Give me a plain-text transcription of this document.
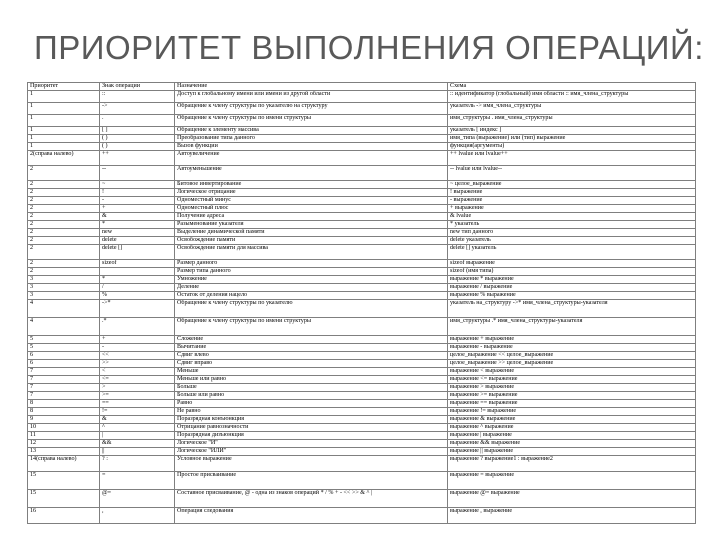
ПРИОРИТЕТ ВЫПОЛНЕНИЯ ОПЕРАЦИЙ:
Приоритет	Знак операции	Назначение	Схема
1	::	Доступ к глобальному имени или имени из другой области	:: идентификатор (глобальный) имя области :: имя_члена_структуры
1	->	Обращение к члену структуры по указателю на структуру	указатель -> имя_члена_структуры
1	.	Обращение к члену структуры по имени структуры	имя_структуры . имя_члена_структуры
1	[ ]	Обращение к элементу массива	указатель [ индекс ]
1	( )	Преобразование типа данного	имя_типа (выражение) или (тип) выражение
1	( )	Вызов функции	функция(аргументы)
2(справа налево)	++	Автоувеличение	++ lvalue или lvalue++
2	--	Автоуменьшение	-- lvalue или lvalue--
2	~	Битовое инвертирование	~ целое_выражение
2	!	Логическое отрицание	! выражение
2	-	Одноместный минус	- выражение
2	+	Одноместный плюс	+ выражение
2	&	Получение адреса	& lvalue
2	*	Разыменование указателя	* указатель
2	new	Выделение динамической памяти	new тип данного
2	delete	Освобождение памяти	delete указатель
2	delete []	Освобождение памяти для массива	delete [] указатель
2	sizeof	Размер данного	sizeof выражение
2		Размер типа данного	sizeof (имя типа)
3	*	Умножение	выражение * выражение
3	/	Деление	выражение / выражение
3	%	Остаток от деления нацело	выражение % выражение
4	->*	Обращение к члену структуры по указателю	указатель на_структуру ->* имя_члена_структуры-указателя
4	.*	Обращение к члену структуры по имени структуры	имя_структуры .* имя_члена_структуры-указателя
5	+	Сложение	выражение + выражение
5	-	Вычитание	выражение - выражение
6	<<	Сдвиг влево	целое_выражение << целое_выражение
6	>>	Сдвиг вправо	целое_выражение >> целое_выражение
7	<	Меньше	выражение < выражение
7	<=	Меньше или равно	выражение <= выражение
7	>	Больше	выражение > выражение
7	>=	Больше или равно	выражение >= выражение
8	==	Равно	выражение == выражение
8	!=	Не равно	выражение != выражение
9	&	Поразрядная конъюнкция	выражение & выражение
10	^	Отрицание равнозначности	выражение ^ выражение
11	|	Поразрядная дизъюнкция	выражение | выражение
12	&&	Логическое "И"	выражение && выражение
13	||	Логическое "ИЛИ"	выражение || выражение
14(справа налево)	? :	Условное выражение	выражение ? выражение1 : выражение2
15	=	Простое присваивание	выражение = выражение
15	@=	Составное присваивание, @ - одна из знаков операций * / % + - << >> & ^ |	выражение @= выражение
16	,	Операция следования	выражение , выражение
